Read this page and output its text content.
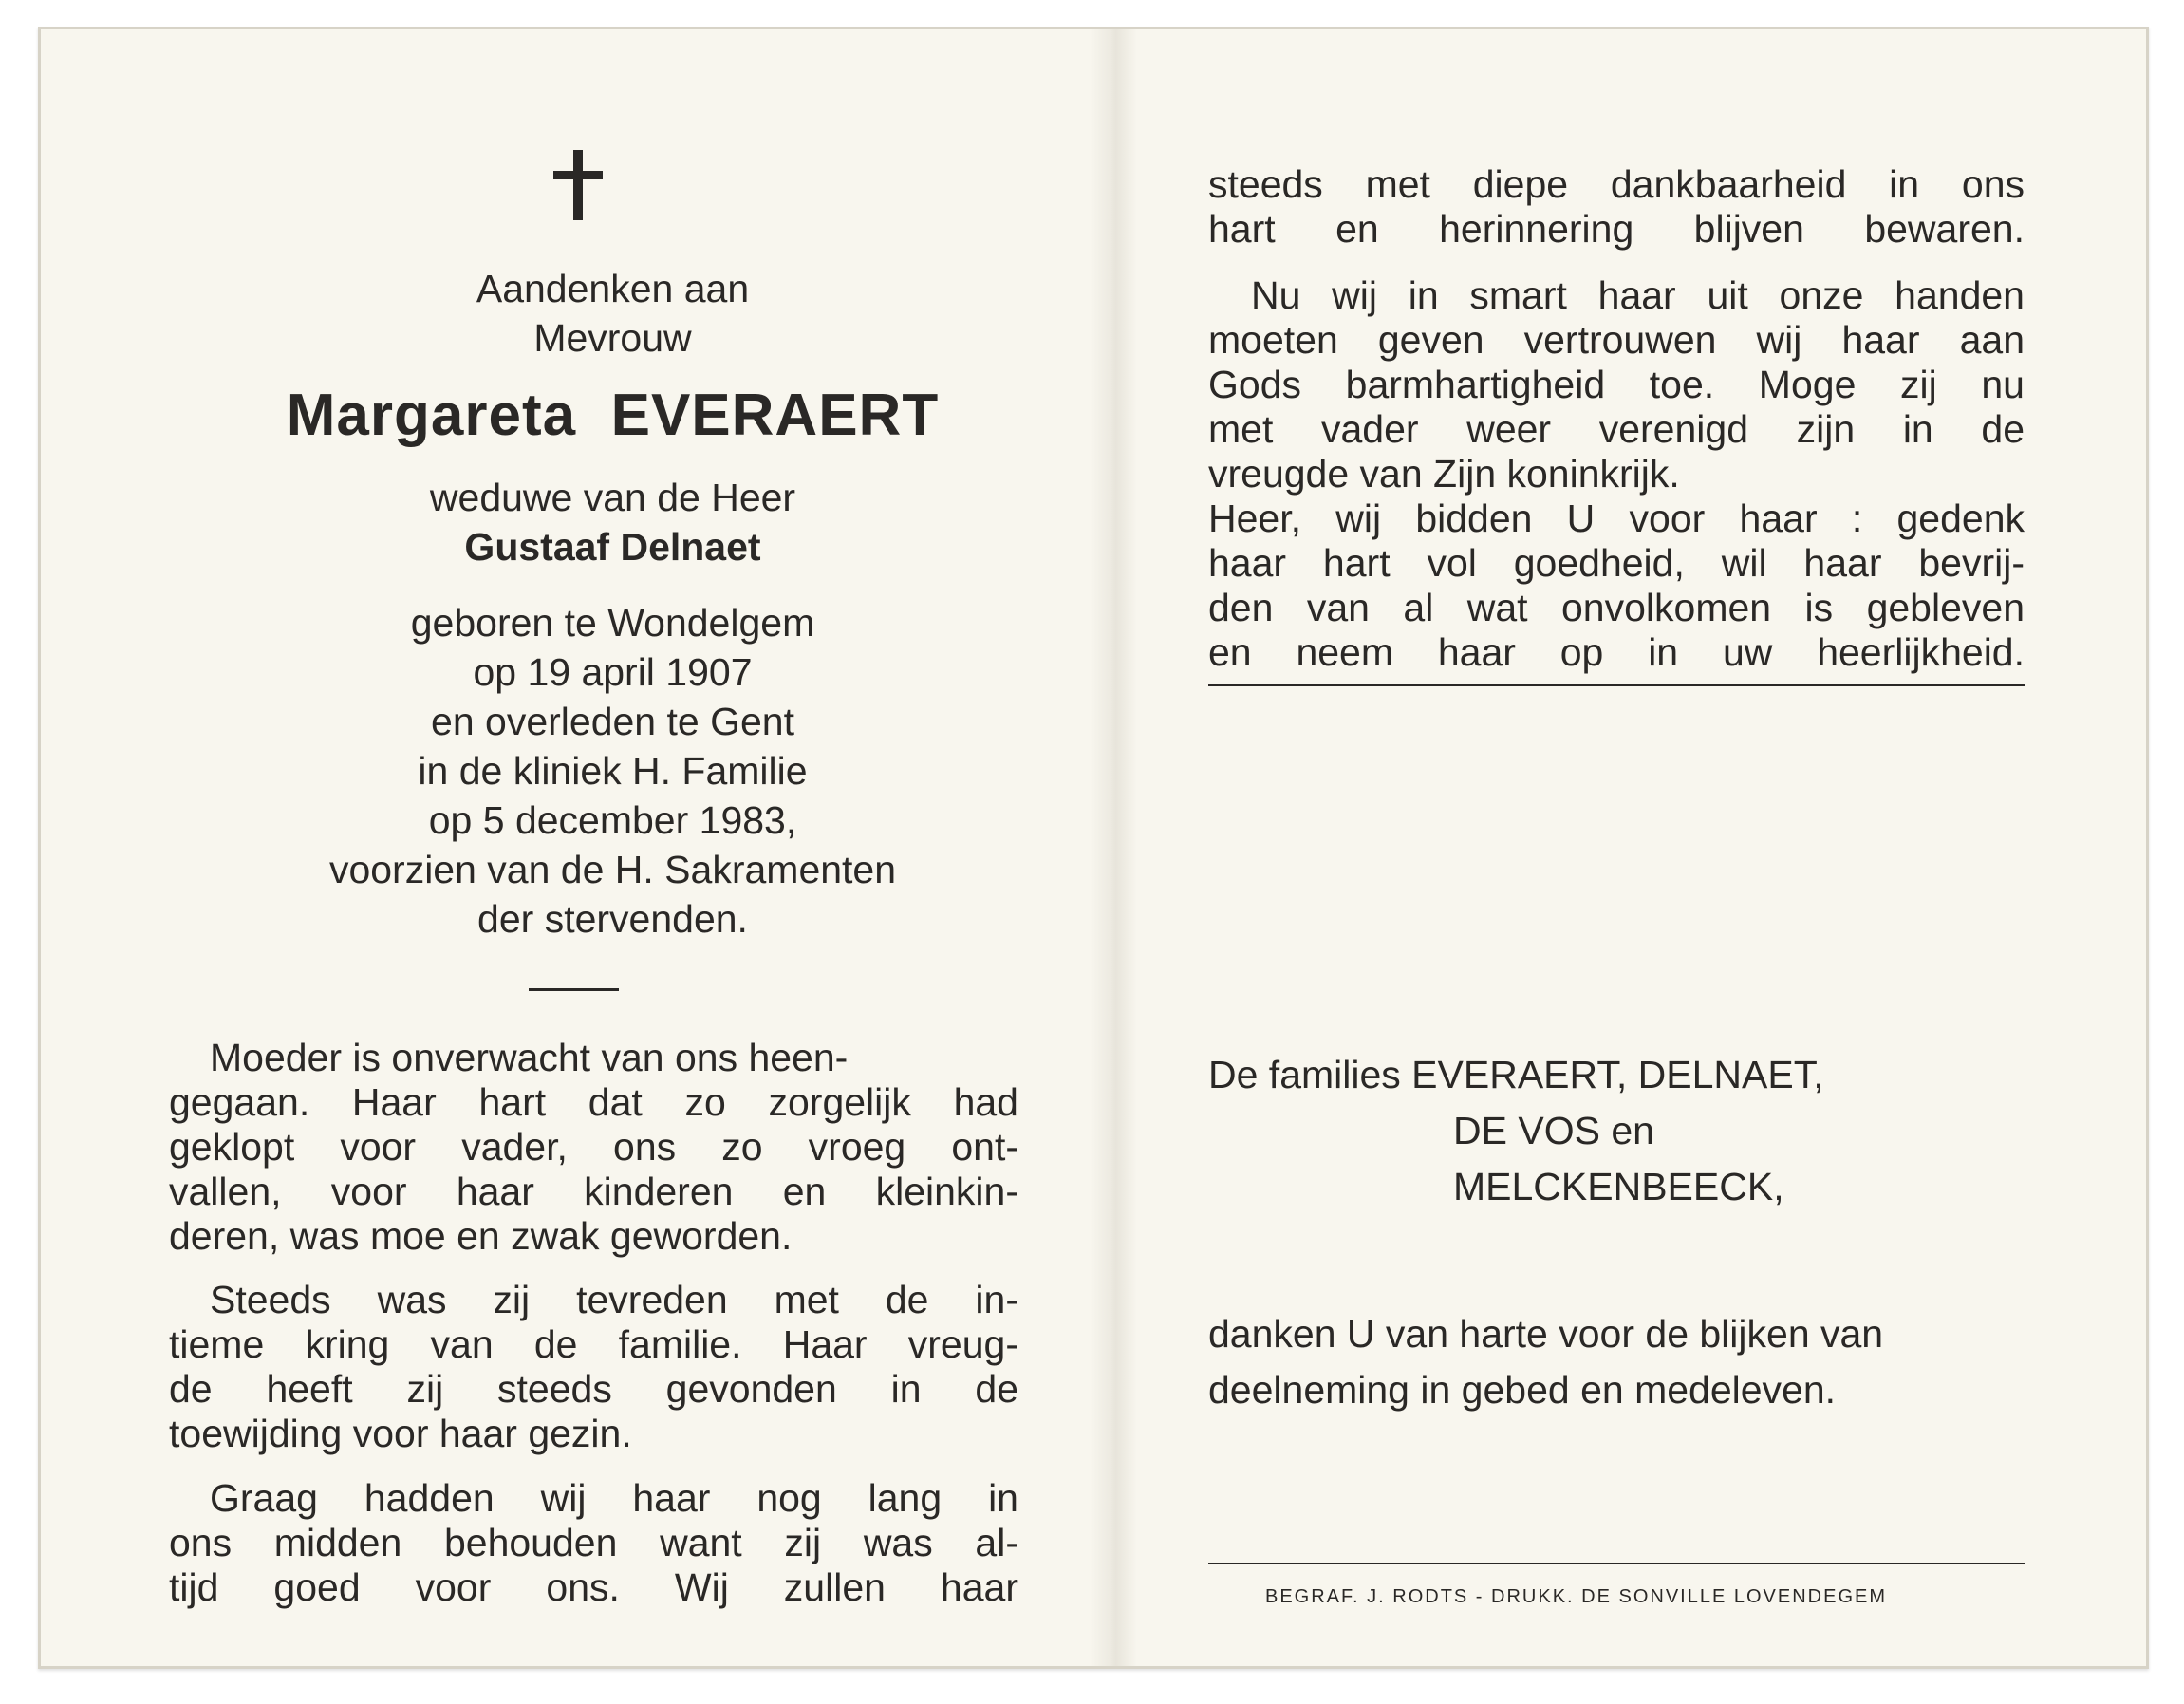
Aandenken aan
Mevrouw
Margareta EVERAERT
weduwe van de Heer
Gustaaf Delnaet
geboren te Wondelgem
op 19 april 1907
en overleden te Gent
in de kliniek H. Familie
op 5 december 1983,
voorzien van de H. Sakramenten
der stervenden.
Moeder is onverwacht van ons heen-
gegaan. Haar hart dat zo zorgelijk had
geklopt voor vader, ons zo vroeg ont-
vallen, voor haar kinderen en kleinkin-
deren, was moe en zwak geworden.
Steeds was zij tevreden met de in-
tieme kring van de familie. Haar vreug-
de heeft zij steeds gevonden in de
toewijding voor haar gezin.
Graag hadden wij haar nog lang in
ons midden behouden want zij was al-
tijd goed voor ons. Wij zullen haar
steeds met diepe dankbaarheid in ons
hart en herinnering blijven bewaren.
Nu wij in smart haar uit onze handen
moeten geven vertrouwen wij haar aan
Gods barmhartigheid toe. Moge zij nu
met vader weer verenigd zijn in de
vreugde van Zijn koninkrijk.
Heer, wij bidden U voor haar : gedenk
haar hart vol goedheid, wil haar bevrij-
den van al wat onvolkomen is gebleven
en neem haar op in uw heerlijkheid.
De families EVERAERT, DELNAET,
DE VOS en
MELCKENBEECK,
danken U van harte voor de blijken van
deelneming in gebed en medeleven.
BEGRAF. J. RODTS - DRUKK. DE SONVILLE LOVENDEGEM
